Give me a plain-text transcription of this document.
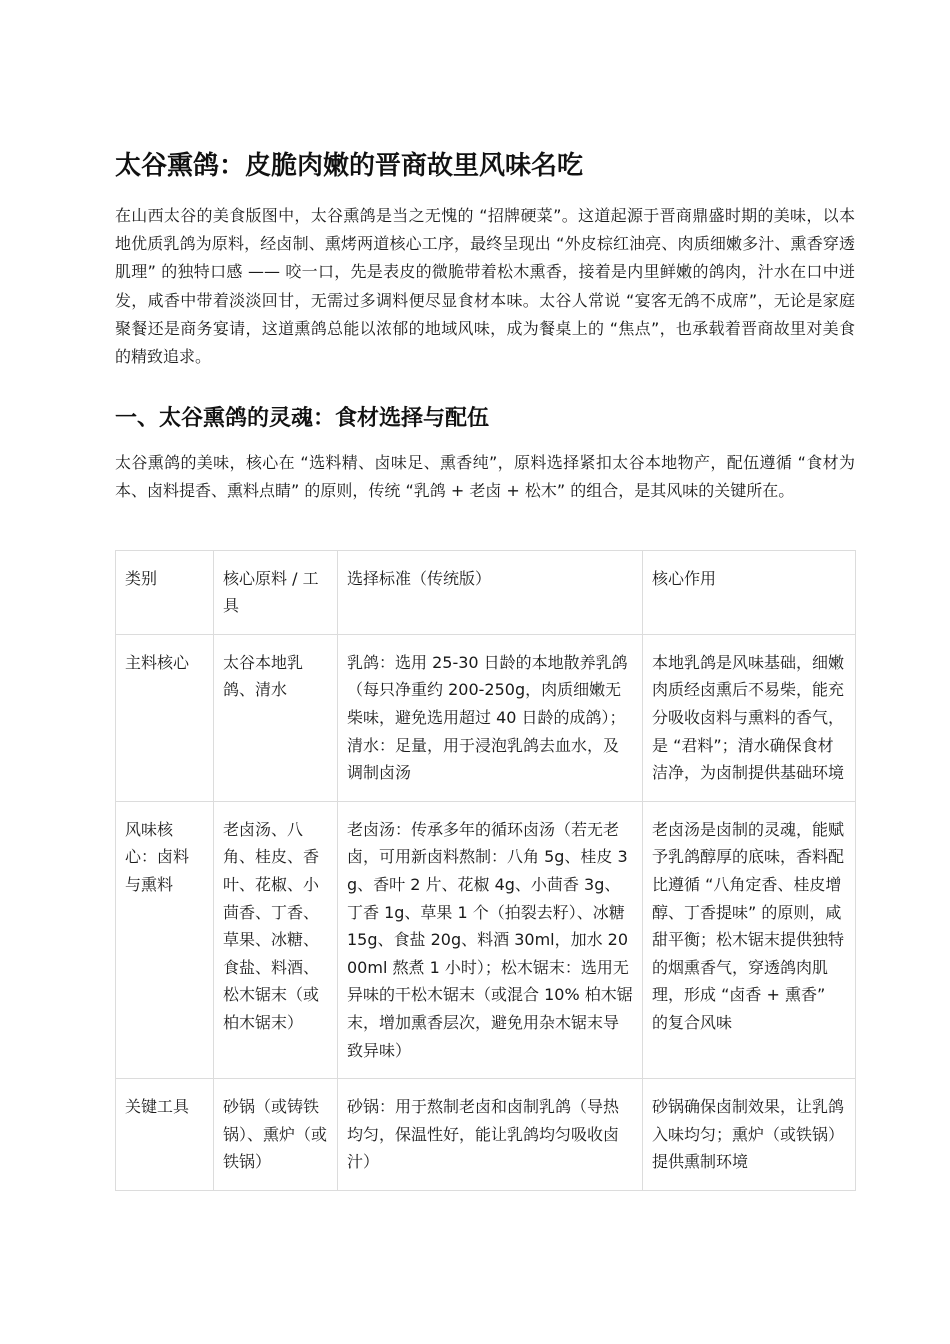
太谷熏鸽：皮脆肉嫩的晋商故里风味名吃

在山西太谷的美食版图中，太谷熏鸽是当之无愧的 “招牌硬菜”。这道起源于晋商鼎盛时期的美味，以本地优质乳鸽为原料，经卤制、熏烤两道核心工序，最终呈现出 “外皮棕红油亮、肉质细嫩多汁、熏香穿透肌理” 的独特口感 —— 咬一口，先是表皮的微脆带着松木熏香，接着是内里鲜嫩的鸽肉，汁水在口中迸发，咸香中带着淡淡回甘，无需过多调料便尽显食材本味。太谷人常说 “宴客无鸽不成席”，无论是家庭聚餐还是商务宴请，这道熏鸽总能以浓郁的地域风味，成为餐桌上的 “焦点”，也承载着晋商故里对美食的精致追求。

一、太谷熏鸽的灵魂：食材选择与配伍

太谷熏鸽的美味，核心在 “选料精、卤味足、熏香纯”，原料选择紧扣太谷本地物产，配伍遵循 “食材为本、卤料提香、熏料点睛” 的原则，传统 “乳鸽 + 老卤 + 松木” 的组合，是其风味的关键所在。

类别	核心原料 / 工具	选择标准（传统版）	核心作用
主料核心	太谷本地乳鸽、清水	乳鸽：选用 25-30 日龄的本地散养乳鸽（每只净重约 200-250g，肉质细嫩无柴味，避免选用超过 40 日龄的成鸽）；清水：足量，用于浸泡乳鸽去血水，及调制卤汤	本地乳鸽是风味基础，细嫩肉质经卤熏后不易柴，能充分吸收卤料与熏料的香气，是 “君料”；清水确保食材洁净，为卤制提供基础环境
风味核心：卤料与熏料	老卤汤、八角、桂皮、香叶、花椒、小茴香、丁香、草果、冰糖、食盐、料酒、松木锯末（或柏木锯末）	老卤汤：传承多年的循环卤汤（若无老卤，可用新卤料熬制：八角 5g、桂皮 3g、香叶 2 片、花椒 4g、小茴香 3g、丁香 1g、草果 1 个（拍裂去籽）、冰糖 15g、食盐 20g、料酒 30ml，加水 2000ml 熬煮 1 小时）；松木锯末：选用无异味的干松木锯末（或混合 10% 柏木锯末，增加熏香层次，避免用杂木锯末导致异味）	老卤汤是卤制的灵魂，能赋予乳鸽醇厚的底味，香料配比遵循 “八角定香、桂皮增醇、丁香提味” 的原则，咸甜平衡；松木锯末提供独特的烟熏香气，穿透鸽肉肌理，形成 “卤香 + 熏香” 的复合风味
关键工具	砂锅（或铸铁锅）、熏炉（或铁锅）	砂锅：用于熬制老卤和卤制乳鸽（导热均匀，保温性好，能让乳鸽均匀吸收卤汁）	砂锅确保卤制效果，让乳鸽入味均匀；熏炉（或铁锅）提供熏制环境
